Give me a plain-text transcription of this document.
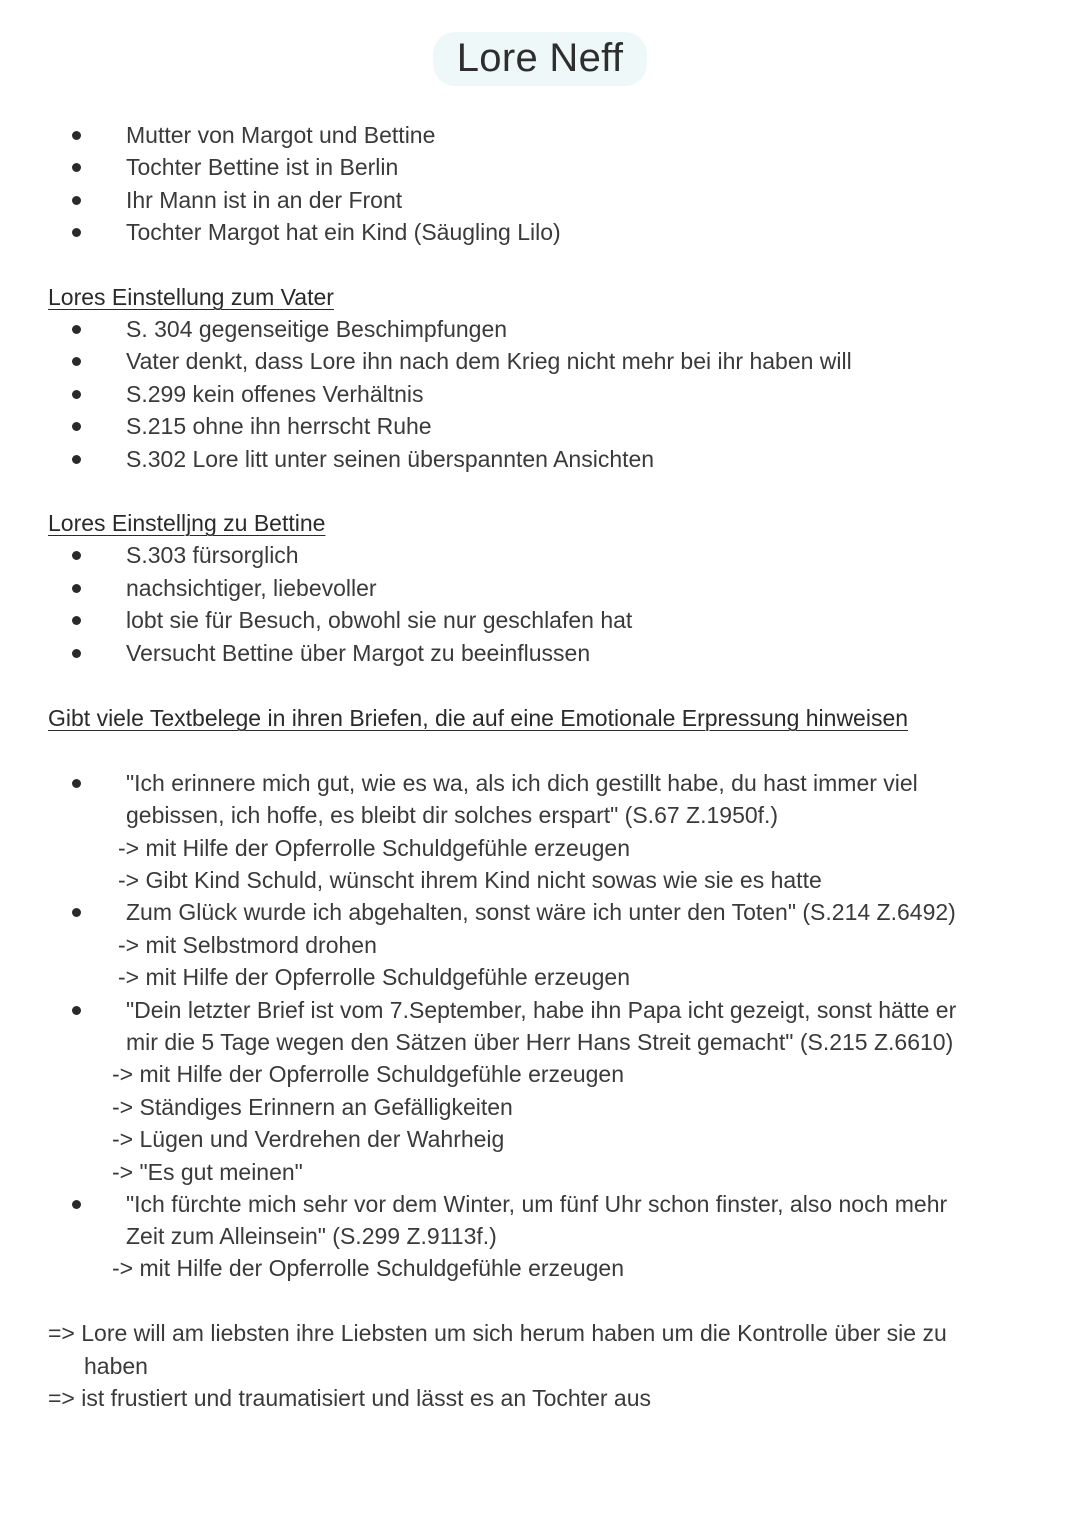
Lore Neff
Mutter von Margot und Bettine
Tochter Bettine ist in Berlin
Ihr Mann ist in an der Front
Tochter Margot hat ein Kind (Säugling Lilo)
Lores Einstellung zum Vater
S. 304 gegenseitige Beschimpfungen
Vater denkt, dass Lore ihn nach dem Krieg nicht mehr bei ihr haben will
S.299 kein offenes Verhältnis
S.215 ohne ihn herrscht Ruhe
S.302 Lore litt unter seinen überspannten Ansichten
Lores Einstelljng zu Bettine
S.303 fürsorglich
nachsichtiger, liebevoller
lobt sie für Besuch, obwohl sie nur geschlafen hat
Versucht Bettine über Margot zu beeinflussen
Gibt viele Textbelege in ihren Briefen, die auf eine Emotionale Erpressung hinweisen
"Ich erinnere mich gut, wie es wa, als ich dich gestillt habe, du hast immer viel
gebissen, ich hoffe, es bleibt dir solches erspart" (S.67 Z.1950f.)
-> mit Hilfe der Opferrolle Schuldgefühle erzeugen
-> Gibt Kind Schuld, wünscht ihrem Kind nicht sowas wie sie es hatte
Zum Glück wurde ich abgehalten, sonst wäre ich unter den Toten" (S.214 Z.6492)
-> mit Selbstmord drohen
-> mit Hilfe der Opferrolle Schuldgefühle erzeugen
"Dein letzter Brief ist vom 7.September, habe ihn Papa icht gezeigt, sonst hätte er
mir die 5 Tage wegen den Sätzen über Herr Hans Streit gemacht" (S.215 Z.6610)
-> mit Hilfe der Opferrolle Schuldgefühle erzeugen
-> Ständiges Erinnern an Gefälligkeiten
-> Lügen und Verdrehen der Wahrheig
-> "Es gut meinen"
"Ich fürchte mich sehr vor dem Winter, um fünf Uhr schon finster, also noch mehr
Zeit zum Alleinsein" (S.299 Z.9113f.)
-> mit Hilfe der Opferrolle Schuldgefühle erzeugen
=> Lore will am liebsten ihre Liebsten um sich herum haben um die Kontrolle über sie zu
haben
=> ist frustiert und traumatisiert und lässt es an Tochter aus
